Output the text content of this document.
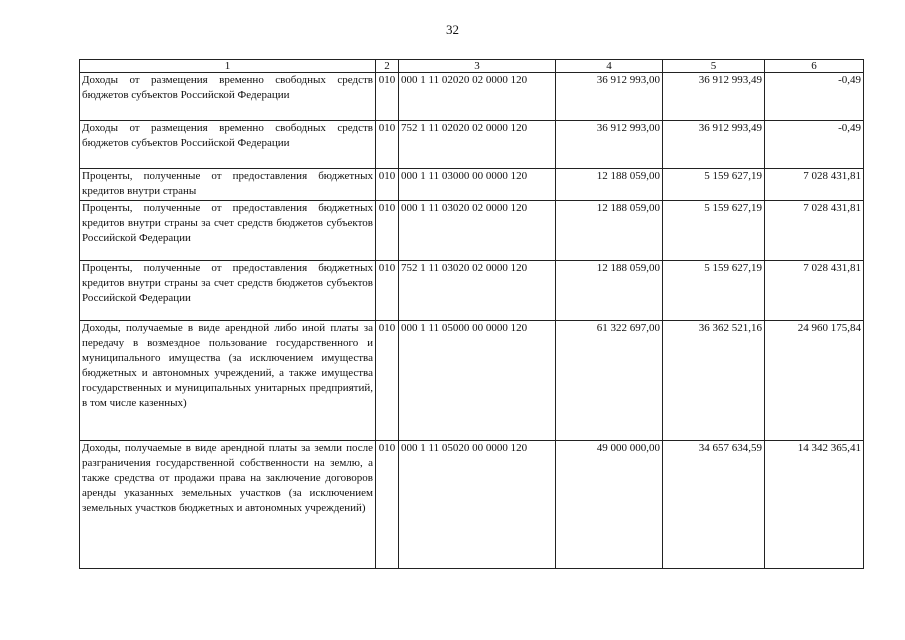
32
1	2	3	4	5	6
Доходы от размещения временно свободных средств бюджетов субъектов Российской Федерации	010	000 1 11 02020 02 0000 120	36 912 993,00	36 912 993,49	-0,49
Доходы от размещения временно свободных средств бюджетов субъектов Российской Федерации	010	752 1 11 02020 02 0000 120	36 912 993,00	36 912 993,49	-0,49
Проценты, полученные от предоставления бюджетных кредитов внутри страны	010	000 1 11 03000 00 0000 120	12 188 059,00	5 159 627,19	7 028 431,81
Проценты, полученные от предоставления бюджетных кредитов внутри страны за счет средств бюджетов субъектов Российской Федерации	010	000 1 11 03020 02 0000 120	12 188 059,00	5 159 627,19	7 028 431,81
Проценты, полученные от предоставления бюджетных кредитов внутри страны за счет средств бюджетов субъектов Российской Федерации	010	752 1 11 03020 02 0000 120	12 188 059,00	5 159 627,19	7 028 431,81
Доходы, получаемые в виде арендной либо иной платы за передачу в возмездное пользование государственного и муниципального имущества (за исключением имущества бюджетных и автономных учреждений, а также имущества государственных и муниципальных унитарных предприятий, в том числе казенных)	010	000 1 11 05000 00 0000 120	61 322 697,00	36 362 521,16	24 960 175,84
Доходы, получаемые в виде арендной платы за земли после разграничения государственной собственности на землю, а также средства от продажи права на заключение договоров аренды указанных земельных участков (за исключением земельных участков бюджетных и автономных учреждений)	010	000 1 11 05020 00 0000 120	49 000 000,00	34 657 634,59	14 342 365,41
